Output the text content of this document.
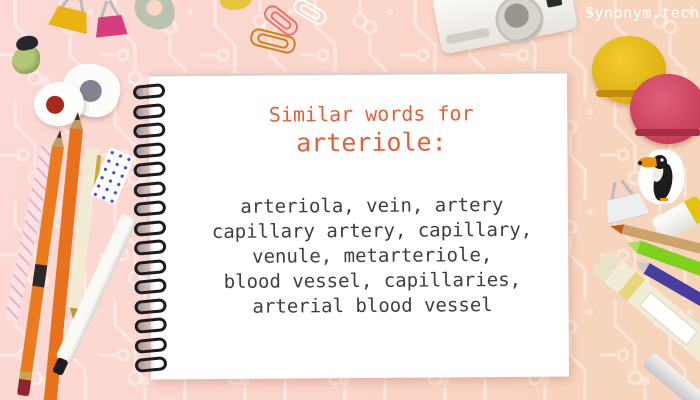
Similar words for
arteriole:
arteriola, vein, artery
capillary artery, capillary,
venule, metarteriole,
blood vessel, capillaries,
arterial blood vessel
Synonym.tech
